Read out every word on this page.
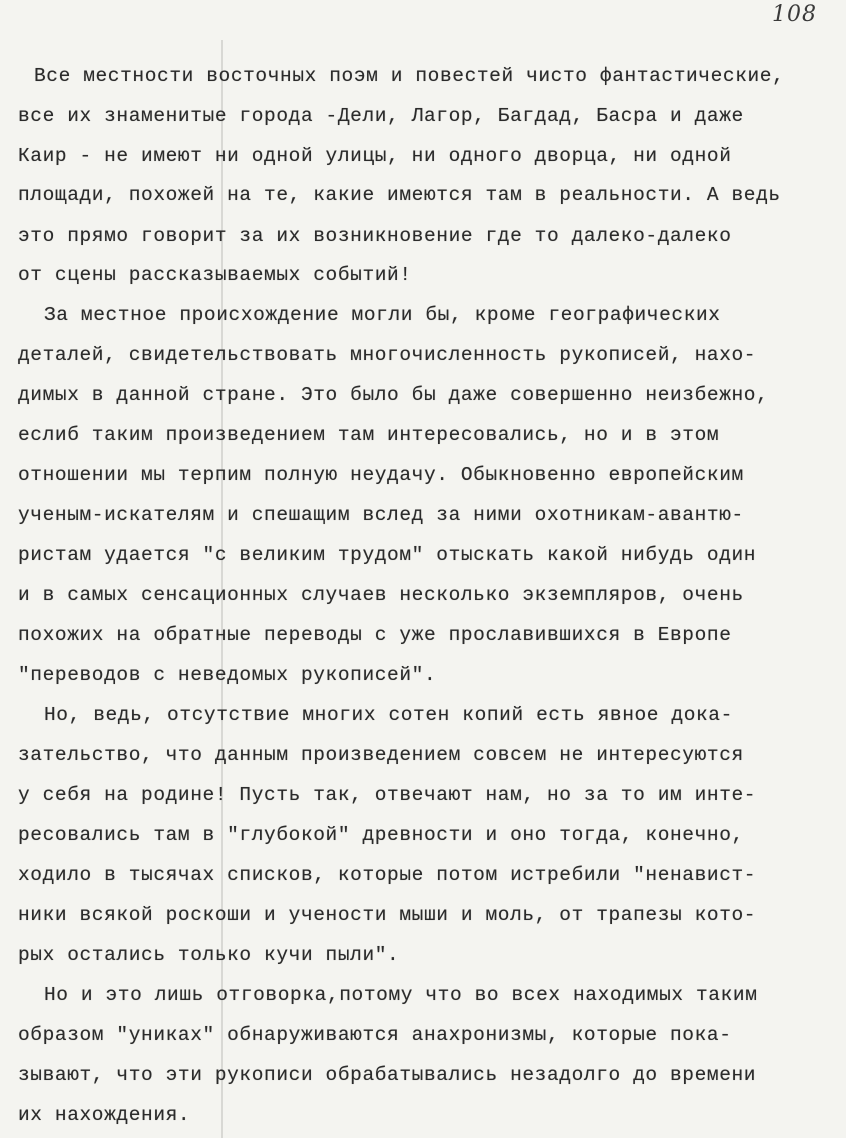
108
Все местности восточных поэм и повестей чисто фантастические,
все их знаменитые города -Дели, Лагор, Багдад, Басра и даже
Каир - не имеют ни одной улицы, ни одного дворца, ни одной
площади, похожей на те, какие имеются там в реальности. А ведь
это прямо говорит за их возникновение где то далеко-далеко
от сцены рассказываемых событий!
За местное происхождение могли бы, кроме географических
деталей, свидетельствовать многочисленность рукописей, нахо-
димых в данной стране. Это было бы даже совершенно неизбежно,
еслиб таким произведением там интересовались, но и в этом
отношении мы терпим полную неудачу. Обыкновенно европейским
ученым-искателям и спешащим вслед за ними охотникам-авантю-
ристам удается "с великим трудом" отыскать какой нибудь один
и в самых сенсационных случаев несколько экземпляров, очень
похожих на обратные переводы с уже прославившихся в Европе
"переводов с неведомых рукописей".
Но, ведь, отсутствие многих сотен копий есть явное дока-
зательство, что данным произведением совсем не интересуются
у себя на родине! Пусть так, отвечают нам, но за то им инте-
ресовались там в "глубокой" древности и оно тогда, конечно,
ходило в тысячах списков, которые потом истребили "ненавист-
ники всякой роскоши и учености мыши и моль, от трапезы кото-
рых остались только кучи пыли".
Но и это лишь отговорка,потому что во всех находимых таким
образом "униках" обнаруживаются анахронизмы, которые пока-
зывают, что эти рукописи обрабатывались незадолго до времени
их нахождения.
